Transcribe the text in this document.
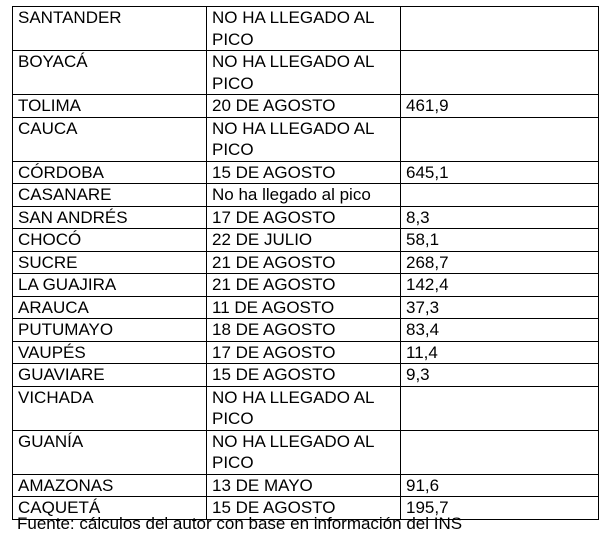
SANTANDER	NO HA LLEGADO AL PICO	
BOYACÁ	NO HA LLEGADO AL PICO	
TOLIMA	20 DE AGOSTO	461,9
CAUCA	NO HA LLEGADO AL PICO	
CÓRDOBA	15 DE AGOSTO	645,1
CASANARE	No ha llegado al pico	
SAN ANDRÉS	17 DE AGOSTO	8,3
CHOCÓ	22 DE JULIO	58,1
SUCRE	21 DE AGOSTO	268,7
LA GUAJIRA	21 DE AGOSTO	142,4
ARAUCA	11 DE AGOSTO	37,3
PUTUMAYO	18 DE AGOSTO	83,4
VAUPÉS	17 DE AGOSTO	11,4
GUAVIARE	15 DE AGOSTO	9,3
VICHADA	NO HA LLEGADO AL PICO	
GUANÍA	NO HA LLEGADO AL PICO	
AMAZONAS	13 DE MAYO	91,6
CAQUETÁ	15 DE AGOSTO	195,7
Fuente: cálculos del autor con base en información del INS
